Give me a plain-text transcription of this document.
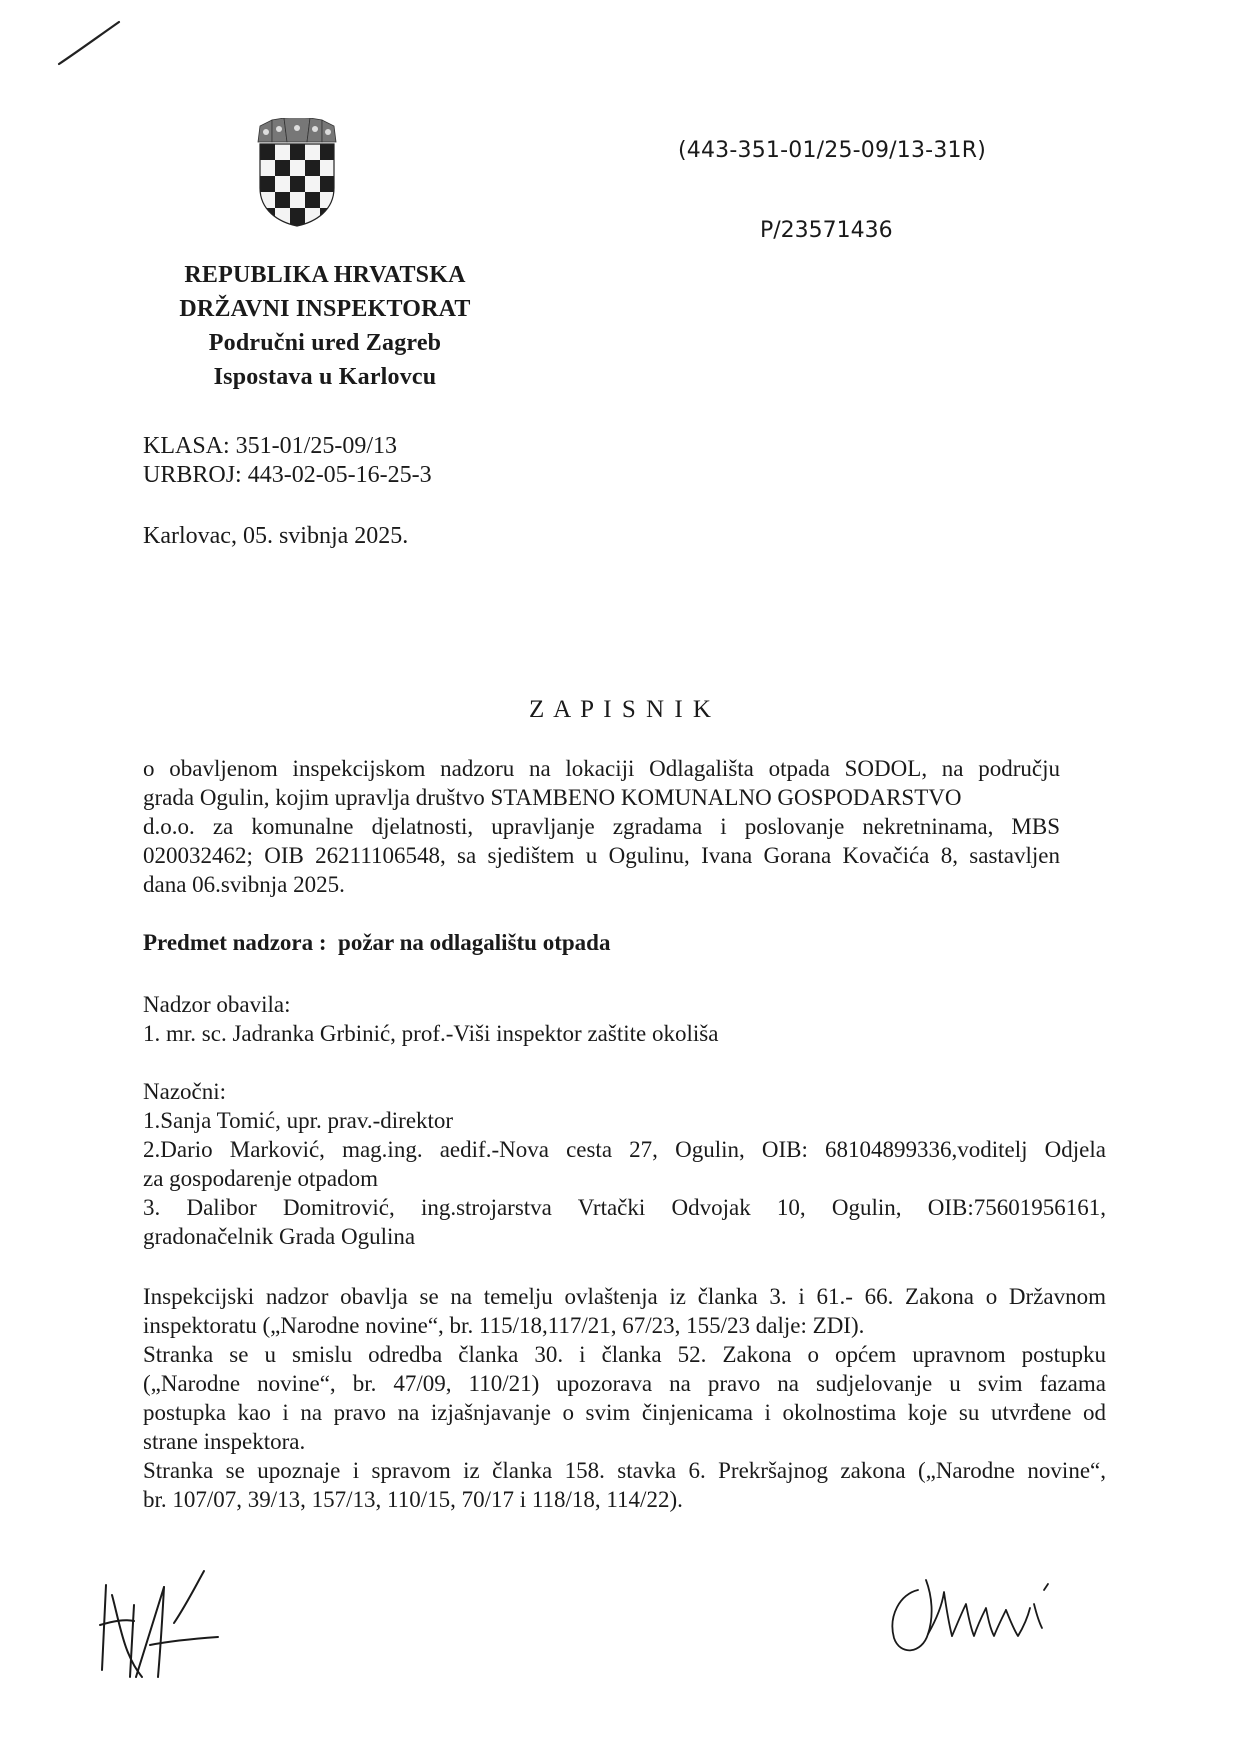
REPUBLIKA HRVATSKA
DRŽAVNI INSPEKTORAT
Područni ured Zagreb
Ispostava u Karlovcu
(443-351-01/25-09/13-31R)
P/23571436
KLASA: 351-01/25-09/13
URBROJ: 443-02-05-16-25-3
Karlovac, 05. svibnja 2025.
Z A P I S N I K
o obavljenom inspekcijskom nadzoru na lokaciji Odlagališta otpada SODOL, na području
grada Ogulin, kojim upravlja društvo STAMBENO KOMUNALNO GOSPODARSTVO
d.o.o. za komunalne djelatnosti, upravljanje zgradama i poslovanje nekretninama, MBS
020032462; OIB 26211106548, sa sjedištem u Ogulinu, Ivana Gorana Kovačića 8, sastavljen
dana 06.svibnja 2025.
Predmet nadzora :  požar na odlagalištu otpada
Nadzor obavila:
1. mr. sc. Jadranka Grbinić, prof.-Viši inspektor zaštite okoliša
Nazočni:
1.Sanja Tomić, upr. prav.-direktor
2.Dario Marković, mag.ing. aedif.-Nova cesta 27, Ogulin, OIB: 68104899336,voditelj Odjela
za gospodarenje otpadom
3. Dalibor Domitrović, ing.strojarstva Vrtački Odvojak 10, Ogulin, OIB:75601956161,
gradonačelnik Grada Ogulina
Inspekcijski nadzor obavlja se na temelju ovlaštenja iz članka 3. i 61.- 66. Zakona o Državnom
inspektoratu („Narodne novine“, br. 115/18,117/21, 67/23, 155/23 dalje: ZDI).
Stranka se u smislu odredba članka 30. i članka 52. Zakona o općem upravnom postupku
(„Narodne novine“, br. 47/09, 110/21) upozorava na pravo na sudjelovanje u svim fazama
postupka kao i na pravo na izjašnjavanje o svim činjenicama i okolnostima koje su utvrđene od
strane inspektora.
Stranka se upoznaje i spravom iz članka 158. stavka 6. Prekršajnog zakona („Narodne novine“,
br. 107/07, 39/13, 157/13, 110/15, 70/17 i 118/18, 114/22).
